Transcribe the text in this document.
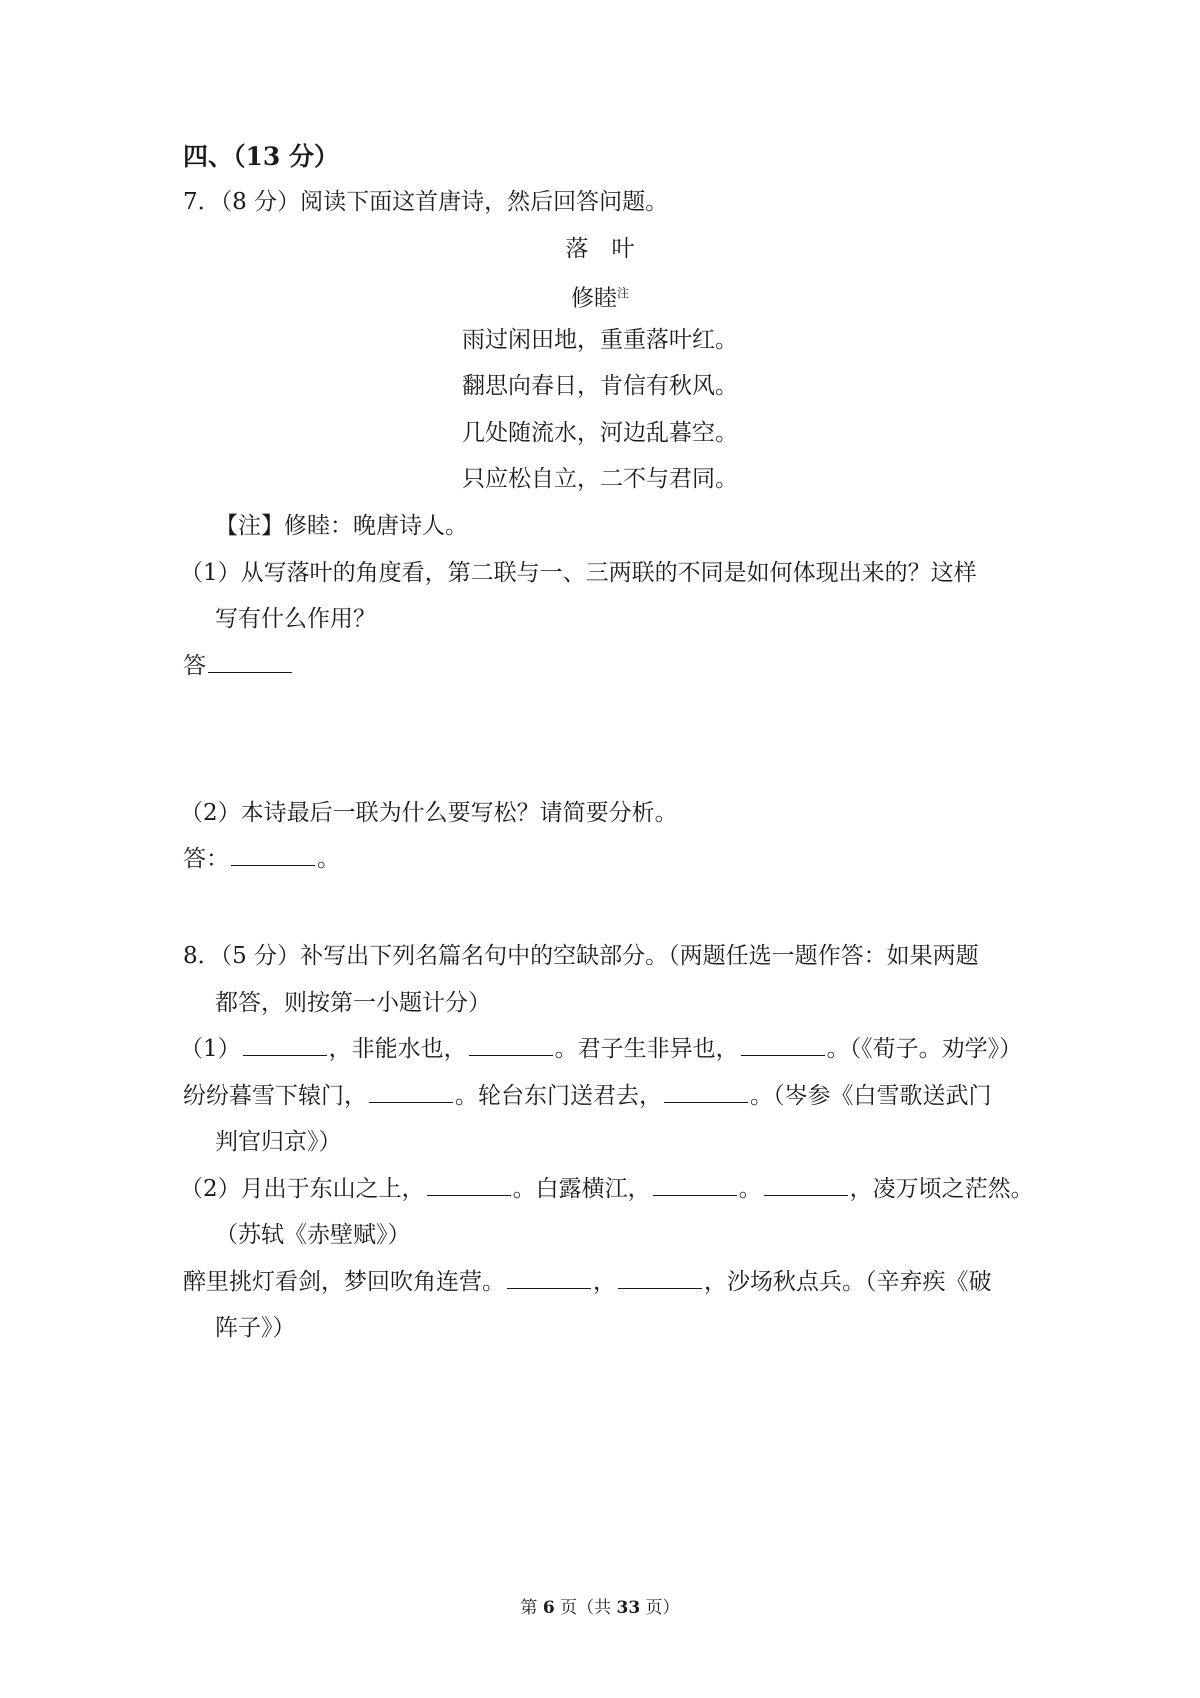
四、（13 分）
7．（8 分）阅读下面这首唐诗，然后回答问题。
落　叶
修睦$^注$
雨过闲田地，重重落叶红。
翻思向春日，肯信有秋风。
几处随流水，河边乱暮空。
只应松自立，二不与君同。
【注】修睦：晚唐诗人。
（1）从写落叶的角度看，第二联与一、三两联的不同是如何体现出来的？这样
写有什么作用？
答
（2）本诗最后一联为什么要写松？请简要分析。
答：	。
8．（5 分）补写出下列名篇名句中的空缺部分。（两题任选一题作答：如果两题
都答，则按第一小题计分）
（1）	，非能水也，	。君子生非异也，	。（《荀子。劝学》）
纷纷暮雪下辕门，	。轮台东门送君去，	。（岑参《白雪歌送武门
判官归京》）
（2）月出于东山之上，	。白露横江，	。	，凌万顷之茫然。
（苏轼《赤壁赋》）
醉里挑灯看剑，梦回吹角连营。	，	，沙场秋点兵。（辛弃疾《破
阵子》）
第 6 页（共 33 页）
